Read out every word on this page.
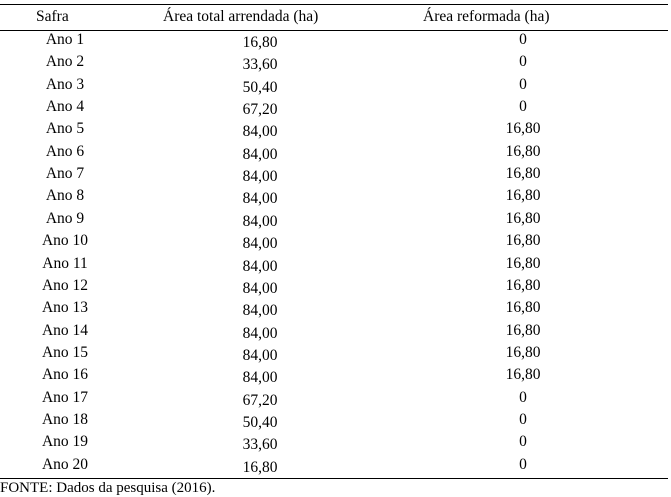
Safra	Área total arrendada (ha)	Área reformada (ha)
Ano 1	16,80	0
Ano 2	33,60	0
Ano 3	50,40	0
Ano 4	67,20	0
Ano 5	84,00	16,80
Ano 6	84,00	16,80
Ano 7	84,00	16,80
Ano 8	84,00	16,80
Ano 9	84,00	16,80
Ano 10	84,00	16,80
Ano 11	84,00	16,80
Ano 12	84,00	16,80
Ano 13	84,00	16,80
Ano 14	84,00	16,80
Ano 15	84,00	16,80
Ano 16	84,00	16,80
Ano 17	67,20	0
Ano 18	50,40	0
Ano 19	33,60	0
Ano 20	16,80	0
FONTE: Dados da pesquisa (2016).
